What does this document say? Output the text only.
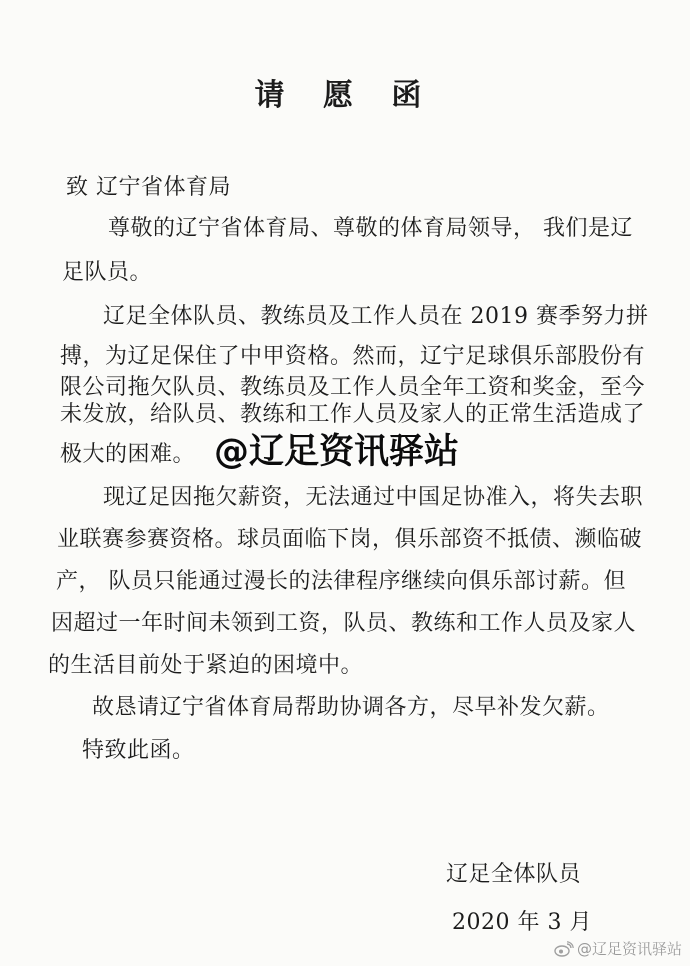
请 愿 函
致 辽宁省体育局
尊敬的辽宁省体育局、尊敬的体育局领导， 我们是辽
足队员。
辽足全体队员、教练员及工作人员在 2019 赛季努力拼
搏，为辽足保住了中甲资格。然而，辽宁足球俱乐部股份有
限公司拖欠队员、教练员及工作人员全年工资和奖金，至今
未发放，给队员、教练和工作人员及家人的正常生活造成了
极大的困难。
现辽足因拖欠薪资，无法通过中国足协准入，将失去职
业联赛参赛资格。球员面临下岗，俱乐部资不抵债、濒临破
产， 队员只能通过漫长的法律程序继续向俱乐部讨薪。但
因超过一年时间未领到工资，队员、教练和工作人员及家人
的生活目前处于紧迫的困境中。
故恳请辽宁省体育局帮助协调各方，尽早补发欠薪。
特致此函。
辽足全体队员
2020 年 3 月
@辽足资讯驿站
@辽足资讯驿站
